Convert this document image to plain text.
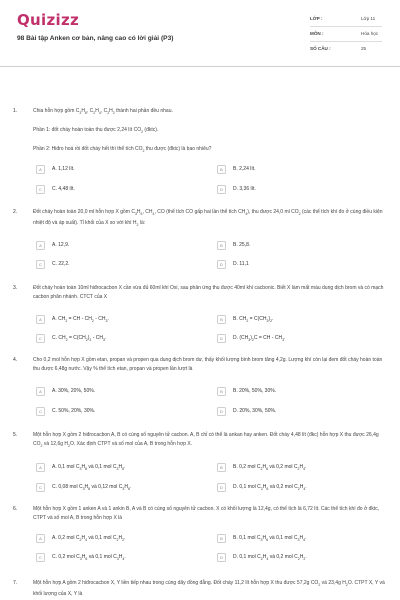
Quizizz
98 Bài tập Anken cơ bản, nâng cao có lời giải (P3)
LỚP :	Lớp 11
MÔN :	Hóa học
SỐ CÂU :	25
1.	Chia hỗn hợp gồm $C_3H_6$, $C_2H_4$, $C_2H_2$ thành hai phần đều nhau.
Phần 1: đốt cháy hoàn toàn thu được 2,24 lít $CO_2$ (đktc).
Phần 2: Hiđro hoá rồi đốt cháy hết thì thể tích $CO_2$ thu được (đktc) là bao nhiêu?
A	A. 1,12 lít.	B	B. 2,24 lít.
C	C. 4,48 lít.	D	D. 3,36 lít.
2.	Đốt cháy hoàn toàn 20,0 ml hỗn hợp X gồm $C_3H_6$, $CH_4$, CO (thể tích CO gấp hai lần thể tích $CH_4$), thu được 24,0 ml $CO_2$ (các thể tích khí đo ở cùng điều kiện nhiệt độ và áp suất). Tỉ khối của X so với khí $H_2$ là:
A	A. 12,9.	B	B. 25,8.
C	C. 22,2.	D	D. 11,1
3.	Đốt cháy hoàn toàn 10ml hiđrocacbon X cần vừa đủ 60ml khí Oxi, sau phản ứng thu được 40ml khí cacbonic. Biết X làm mất màu dung dịch brom và có mạch cacbon phân nhánh. CTCT của X
A	A. $CH_2$ = CH - $CH_2 - CH_3$.	B	B. $CH_2 = C(CH_3)_2$.
C	C. $CH_2 = C(CH_2)_2 - CH_3$.	D	D. $(CH_3)_2C$ = CH - $CH_3$.
4.	Cho 0,2 mol hỗn hợp X gồm etan, propan và propen qua dung dịch brom dư, thấy khối lượng bình brom tăng 4,2g. Lượng khí còn lại đem đốt cháy hoàn toàn thu được 6,48g nước. Vậy % thể tích etan, propan và propen lần lượt là
A	A. 30%, 20%, 50%.	B	B. 20%, 50%, 30%.
C	C. 50%, 20%, 30%.	D	D. 20%, 30%, 50%.
5.	Một hỗn hợp X gồm 2 hiđrocacbon A, B có cùng số nguyên tử cacbon. A, B chỉ có thể là ankan hay anken. Đốt cháy 4,48 lít (đkc) hỗn hợp X thu được 26,4g $CO_2$ và 12,6g $H_2O$. Xác định CTPT và số mol của A, B trong hỗn hợp X.
A	A. 0,1 mol $C_3H_8$ và 0,1 mol $C_3H_6$.	B	B. 0,2 mol $C_2H_6$ và 0,2 mol $C_2H_4$.
C	C. 0,08 mol $C_3H_8$ và 0,12 mol $C_3H_6$.	D	D. 0,1 mol $C_2H_6$ và 0,2 mol $C_2H_4$.
6.	Một hỗn hợp X gồm 1 anken A và 1 ankin B, A và B có cùng số nguyên tử cacbon. X có khối lượng là 12,4g, có thể tích là 6,72 lít. Các thể tích khí đo ở đktc, CTPT và số mol A, B trong hỗn hợp X là
A	A. 0,2 mol $C_2H_4$ và 0,1 mol $C_2H_2$.	B	B. 0,1 mol $C_3H_6$ và 0,1 mol $C_3H_4$.
C	C. 0,2 mol $C_3H_6$ và 0,1 mol $C_3H_4$.	D	D. 0,1 mol $C_2H_4$ và 0,2 mol $C_2H_2$.
7.	Một hỗn hợp A gồm 2 hiđrocacbon X, Y liền tiếp nhau trong cùng dãy đồng đẳng. Đốt cháy 11,2 lít hỗn hợp X thu được 57,2g $CO_2$ và 23,4g $H_2O$. CTPT X, Y và khối lượng của X, Y là
